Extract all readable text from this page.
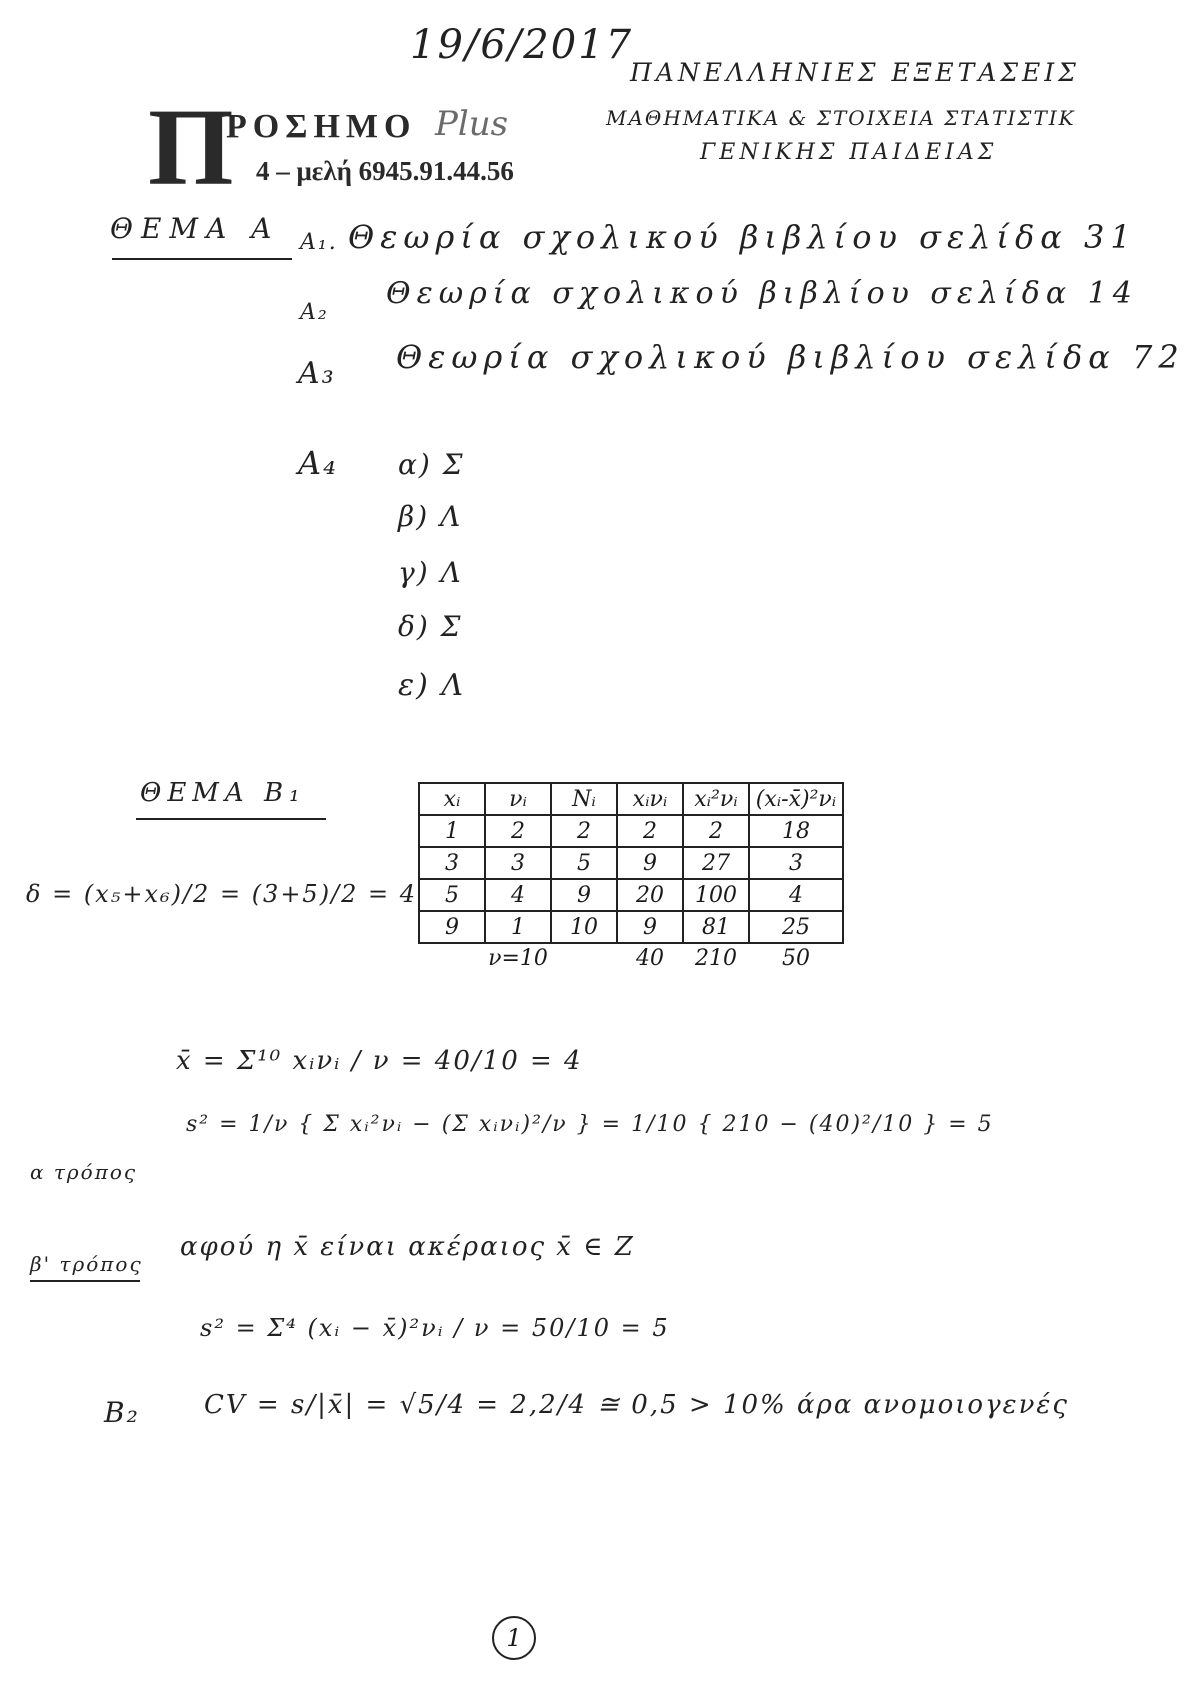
19/6/2017
ΠΑΝΕΛΛΗΝΙΕΣ ΕΞΕΤΑΣΕΙΣ
ΜΑΘΗΜΑΤΙΚΑ & ΣΤΟΙΧΕΙΑ ΣΤΑΤΙΣΤΙΚ
ΓΕΝΙΚΗΣ ΠΑΙΔΕΙΑΣ
Π
ΡΟΣΗΜΟ Plus
4 – μελή 6945.91.44.56
ΘΕΜΑ Α Α₁. Θεωρία σχολικού βιβλίου σελίδα 31
Α₂
Θεωρία σχολικού βιβλίου σελίδα 14
Α₃ Θεωρία σχολικού βιβλίου σελίδα 72
Α₄ α) Σ
β) Λ
γ) Λ
δ) Σ
ε) Λ
ΘΕΜΑ Β₁
δ = (x₅+x₆)/2 = (3+5)/2 = 4
xᵢ	νᵢ	Nᵢ	xᵢνᵢ	xᵢ²νᵢ	(xᵢ-x̄)²νᵢ
1	2	2	2	2	18
3	3	5	9	27	3
5	4	9	20	100	4
9	1	10	9	81	25
	ν=10		40	210	50
x̄ = Σ¹⁰ xᵢνᵢ / ν = 40/10 = 4
α τρόπος
s² = 1/ν { Σ xᵢ²νᵢ − (Σ xᵢνᵢ)²/ν } = 1/10 { 210 − (40)²/10 } = 5
β' τρόπος
αφού η x̄ είναι ακέραιος x̄ ∈ Z
s² = Σ⁴ (xᵢ − x̄)²νᵢ / ν = 50/10 = 5
Β₂ CV = s/|x̄| = √5/4 = 2,2/4 ≅ 0,5 > 10% άρα ανομοιογενές
1
